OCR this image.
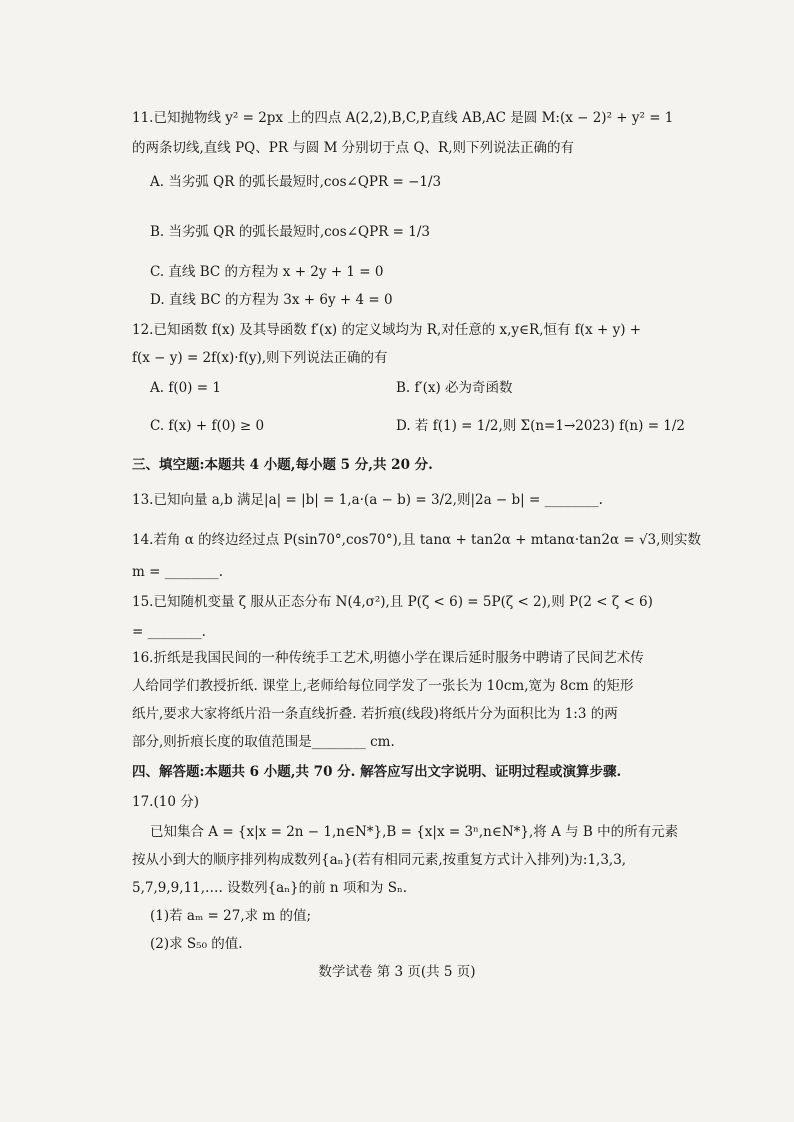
11.已知抛物线 y² = 2px 上的四点 A(2,2),B,C,P,直线 AB,AC 是圆 M:(x − 2)² + y² = 1
的两条切线,直线 PQ、PR 与圆 M 分别切于点 Q、R,则下列说法正确的有
A. 当劣弧 QR 的弧长最短时,cos∠QPR = −1/3
B. 当劣弧 QR 的弧长最短时,cos∠QPR = 1/3
C. 直线 BC 的方程为 x + 2y + 1 = 0
D. 直线 BC 的方程为 3x + 6y + 4 = 0
12.已知函数 f(x) 及其导函数 f′(x) 的定义域均为 R,对任意的 x,y∈R,恒有 f(x + y) +
f(x − y) = 2f(x)·f(y),则下列说法正确的有
A. f(0) = 1	B. f′(x) 必为奇函数
C. f(x) + f(0) ≥ 0	D. 若 f(1) = 1/2,则 Σ(n=1→2023) f(n) = 1/2
三、填空题:本题共 4 小题,每小题 5 分,共 20 分.
13.已知向量 a,b 满足|a| = |b| = 1,a·(a − b) = 3/2,则|2a − b| = ________.
14.若角 α 的终边经过点 P(sin70°,cos70°),且 tanα + tan2α + mtanα·tan2α = √3,则实数
m = ________.
15.已知随机变量 ζ 服从正态分布 N(4,σ²),且 P(ζ < 6) = 5P(ζ < 2),则 P(2 < ζ < 6)
= ________.
16.折纸是我国民间的一种传统手工艺术,明德小学在课后延时服务中聘请了民间艺术传
人给同学们教授折纸. 课堂上,老师给每位同学发了一张长为 10cm,宽为 8cm 的矩形
纸片,要求大家将纸片沿一条直线折叠. 若折痕(线段)将纸片分为面积比为 1:3 的两
部分,则折痕长度的取值范围是________ cm.
四、解答题:本题共 6 小题,共 70 分. 解答应写出文字说明、证明过程或演算步骤.
17.(10 分)
已知集合 A = {x|x = 2n − 1,n∈N*},B = {x|x = 3ⁿ,n∈N*},将 A 与 B 中的所有元素
按从小到大的顺序排列构成数列{aₙ}(若有相同元素,按重复方式计入排列)为:1,3,3,
5,7,9,9,11,…. 设数列{aₙ}的前 n 项和为 Sₙ.
(1)若 aₘ = 27,求 m 的值;
(2)求 S₅₀ 的值.
数学试卷 第 3 页(共 5 页)
